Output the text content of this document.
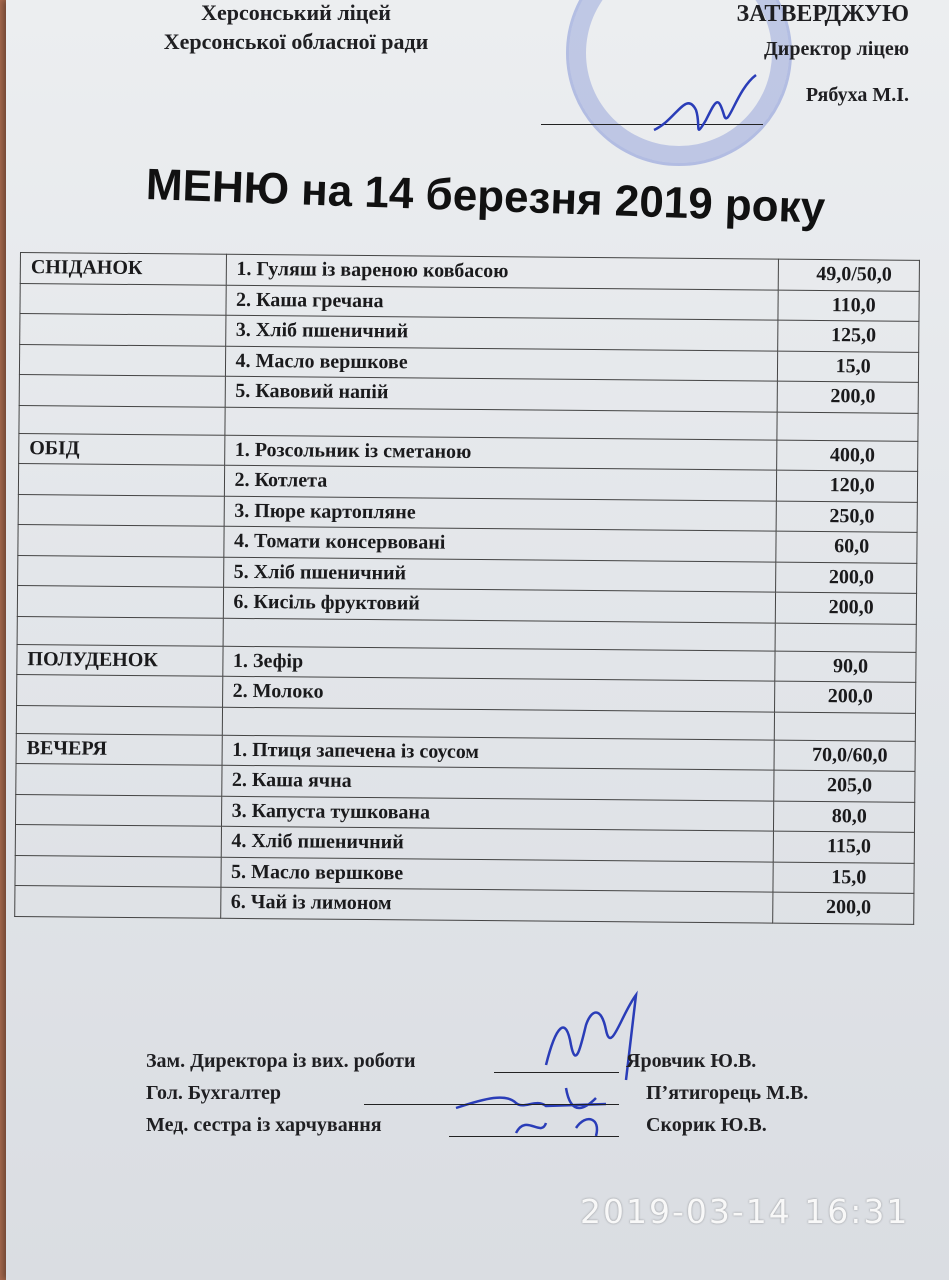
Херсонський ліцей
Херсонської обласної ради
ЗАТВЕРДЖУЮ
Директор ліцею
Рябуха М.І.
МЕНЮ на 14 березня 2019 року
СНІДАНОК	1. Гуляш із вареною ковбасою	49,0/50,0
	2. Каша гречана	110,0
	3. Хліб пшеничний	125,0
	4. Масло вершкове	15,0
	5. Кавовий напій	200,0

ОБІД	1. Розсольник із сметаною	400,0
	2. Котлета	120,0
	3. Пюре картопляне	250,0
	4. Томати консервовані	60,0
	5. Хліб пшеничний	200,0
	6. Кисіль фруктовий	200,0

ПОЛУДЕНОК	1. Зефір	90,0
	2. Молоко	200,0

ВЕЧЕРЯ	1. Птиця запечена із соусом	70,0/60,0
	2. Каша ячна	205,0
	3. Капуста тушкована	80,0
	4. Хліб пшеничний	115,0
	5. Масло вершкове	15,0
	6. Чай із лимоном	200,0
Зам. Директора із вих. роботи	Яровчик Ю.В.
Гол. Бухгалтер	П’ятигорець М.В.
Мед. сестра із харчування	Скорик Ю.В.
2019-03-14 16:31
